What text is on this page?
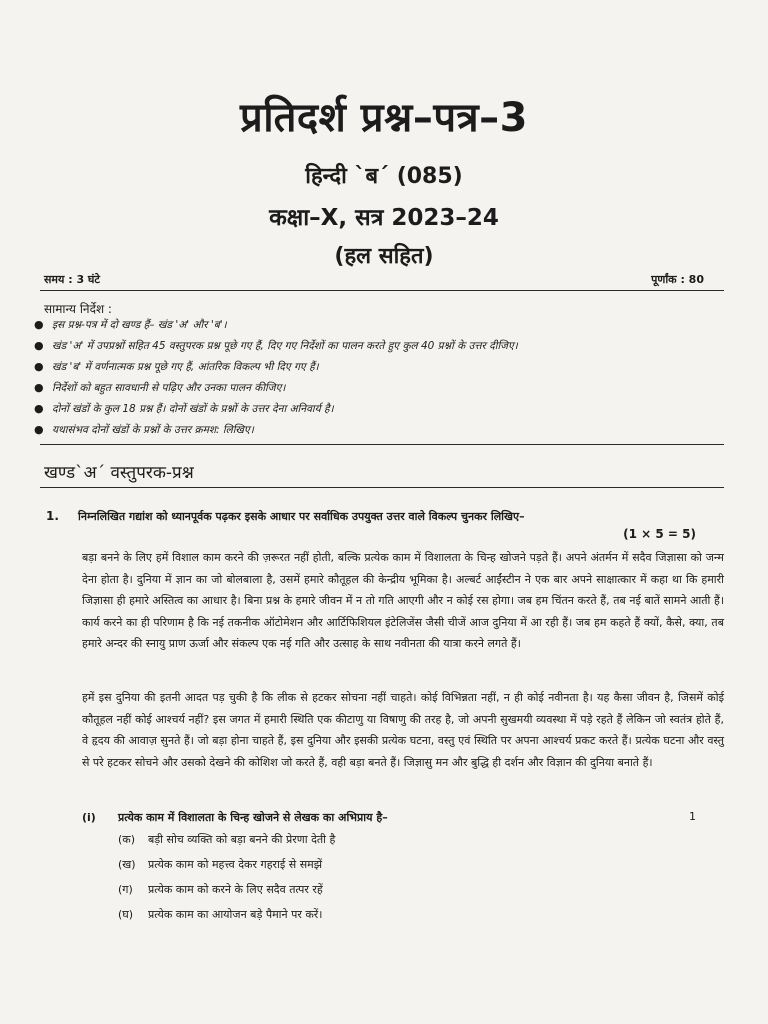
प्रतिदर्श प्रश्न–पत्र–3
हिन्दी `ब´ (085)
कक्षा–X, सत्र 2023–24
(हल सहित)
समय : 3 घंटे	पूर्णांक : 80
सामान्य निर्देश :
● इस प्रश्न-पत्र में दो खण्ड हैं– खंड 'अ' और 'ब'।
● खंड 'अ' में उपप्रश्नों सहित 45 वस्तुपरक प्रश्न पूछे गए हैं, दिए गए निर्देशों का पालन करते हुए कुल 40 प्रश्नों के उत्तर दीजिए।
● खंड 'ब' में वर्णनात्मक प्रश्न पूछे गए हैं, आंतरिक विकल्प भी दिए गए हैं।
● निर्देशों को बहुत सावधानी से पढ़िए और उनका पालन कीजिए।
● दोनों खंडों के कुल 18 प्रश्न हैं। दोनों खंडों के प्रश्नों के उत्तर देना अनिवार्य है।
● यथासंभव दोनों खंडों के प्रश्नों के उत्तर क्रमश: लिखिए।
खण्ड`अ´ वस्तुपरक-प्रश्न
1. निम्नलिखित गद्यांश को ध्यानपूर्वक पढ़कर इसके आधार पर सर्वाधिक उपयुक्त उत्तर वाले विकल्प चुनकर लिखिए–
(1 × 5 = 5)
बड़ा बनने के लिए हमें विशाल काम करने की ज़रूरत नहीं होती, बल्कि प्रत्येक काम में विशालता के चिन्ह खोजने पड़ते हैं। अपने अंतर्मन में सदैव जिज्ञासा को जन्म देना होता है। दुनिया में ज्ञान का जो बोलबाला है, उसमें हमारे कौतूहल की केन्द्रीय भूमिका है। अल्बर्ट आईंस्टीन ने एक बार अपने साक्षात्कार में कहा था कि हमारी जिज्ञासा ही हमारे अस्तित्व का आधार है। बिना प्रश्न के हमारे जीवन में न तो गति आएगी और न कोई रस होगा। जब हम चिंतन करते हैं, तब नई बातें सामने आती हैं। कार्य करने का ही परिणाम है कि नई तकनीक ऑटोमेशन और आर्टिफिशियल इंटेलिजेंस जैसी चीजें आज दुनिया में आ रही हैं। जब हम कहते हैं क्यों, कैसे, क्या, तब हमारे अन्दर की स्नायु प्राण ऊर्जा और संकल्प एक नई गति और उत्साह के साथ नवीनता की यात्रा करने लगते हैं।
हमें इस दुनिया की इतनी आदत पड़ चुकी है कि लीक से हटकर सोचना नहीं चाहते। कोई विभिन्नता नहीं, न ही कोई नवीनता है। यह कैसा जीवन है, जिसमें कोई कौतूहल नहीं कोई आश्चर्य नहीं? इस जगत में हमारी स्थिति एक कीटाणु या विषाणु की तरह है, जो अपनी सुखमयी व्यवस्था में पड़े रहते हैं लेकिन जो स्वतंत्र होते हैं, वे हृदय की आवाज़ सुनते हैं। जो बड़ा होना चाहते हैं, इस दुनिया और इसकी प्रत्येक घटना, वस्तु एवं स्थिति पर अपना आश्चर्य प्रकट करते हैं। प्रत्येक घटना और वस्तु से परे हटकर सोचने और उसको देखने की कोशिश जो करते हैं, वही बड़ा बनते हैं। जिज्ञासु मन और बुद्धि ही दर्शन और विज्ञान की दुनिया बनाते हैं।
(i) प्रत्येक काम में विशालता के चिन्ह खोजने से लेखक का अभिप्राय है–	1
(क) बड़ी सोच व्यक्ति को बड़ा बनने की प्रेरणा देती है
(ख) प्रत्येक काम को महत्त्व देकर गहराई से समझें
(ग) प्रत्येक काम को करने के लिए सदैव तत्पर रहें
(घ) प्रत्येक काम का आयोजन बड़े पैमाने पर करें।
